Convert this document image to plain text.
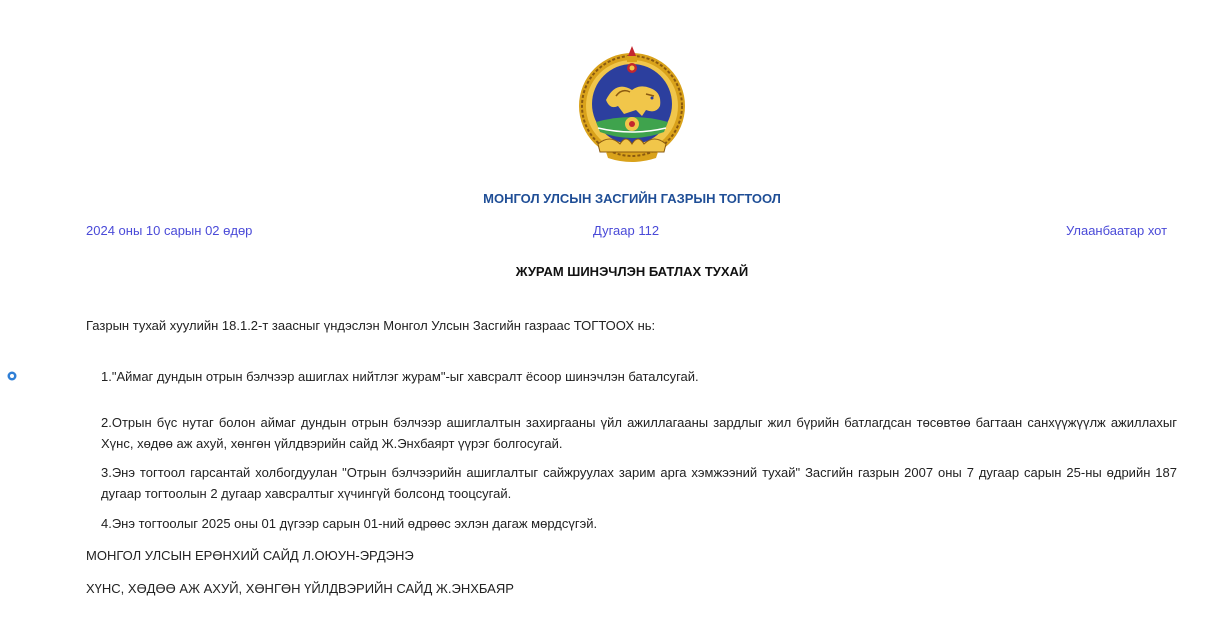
МОНГОЛ УЛСЫН ЗАСГИЙН ГАЗРЫН ТОГТООЛ
2024 оны 10 сарын 02 өдөр	Дугаар 112	Улаанбаатар хот
ЖУРАМ ШИНЭЧЛЭН БАТЛАХ ТУХАЙ
Газрын тухай хуулийн 18.1.2-т заасныг үндэслэн Монгол Улсын Засгийн газраас ТОГТООХ нь:
1."Аймаг дундын отрын бэлчээр ашиглах нийтлэг журам"-ыг хавсралт ёсоор шинэчлэн баталсугай.
2.Отрын бүс нутаг болон аймаг дундын отрын бэлчээр ашиглалтын захиргааны үйл ажиллагааны зардлыг жил бүрийн батлагдсан төсөвтөө багтаан санхүүжүүлж ажиллахыг Хүнс, хөдөө аж ахуй, хөнгөн үйлдвэрийн сайд Ж.Энхбаярт үүрэг болгосугай.
3.Энэ тогтоол гарсантай холбогдуулан "Отрын бэлчээрийн ашиглалтыг сайжруулах зарим арга хэмжээний тухай" Засгийн газрын 2007 оны 7 дугаар сарын 25-ны өдрийн 187 дугаар тогтоолын 2 дугаар хавсралтыг хүчингүй болсонд тооцсугай.
4.Энэ тогтоолыг 2025 оны 01 дүгээр сарын 01-ний өдрөөс эхлэн дагаж мөрдсүгэй.
МОНГОЛ УЛСЫН ЕРӨНХИЙ САЙД Л.ОЮУН-ЭРДЭНЭ
ХҮНС, ХӨДӨӨ АЖ АХУЙ, ХӨНГӨН ҮЙЛДВЭРИЙН САЙД Ж.ЭНХБАЯР
